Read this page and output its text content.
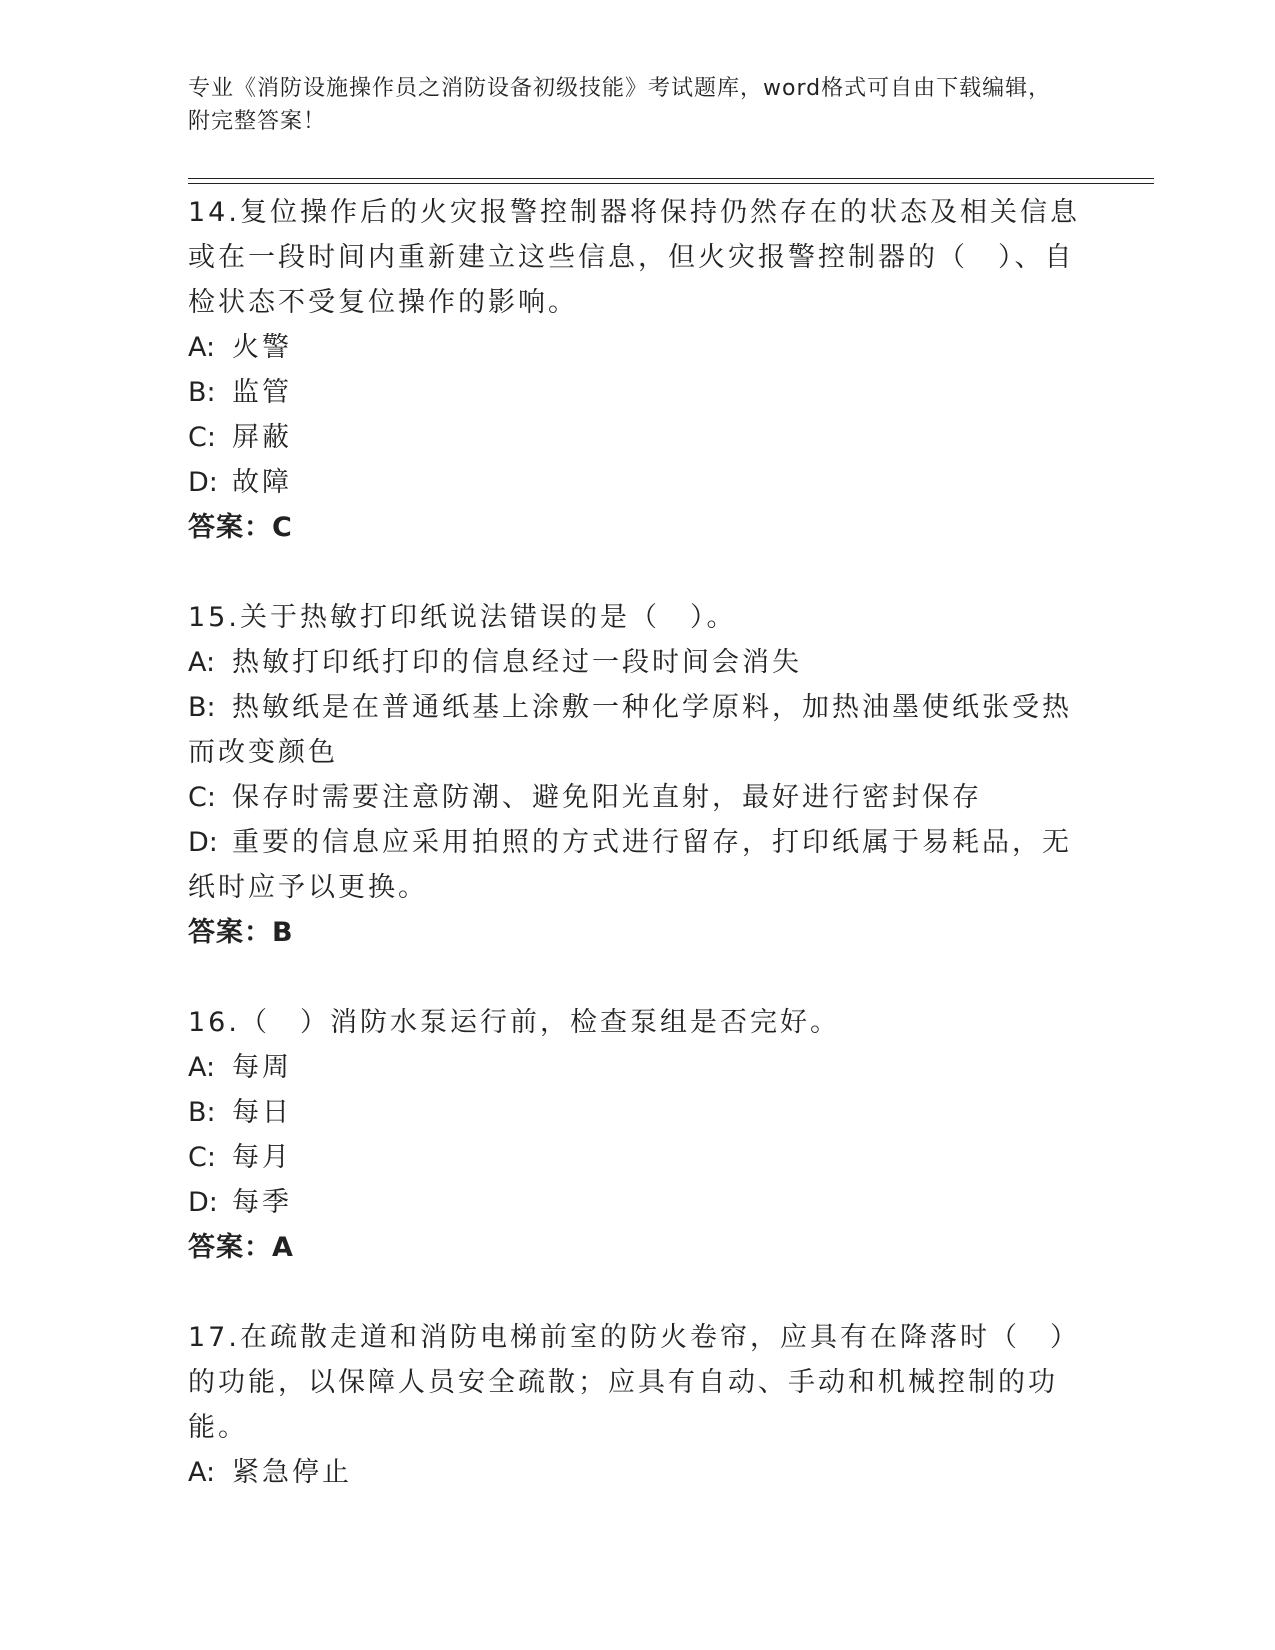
专业《消防设施操作员之消防设备初级技能》考试题库，word格式可自由下载编辑，附完整答案！
14.复位操作后的火灾报警控制器将保持仍然存在的状态及相关信息或在一段时间内重新建立这些信息，但火灾报警控制器的（　）、自检状态不受复位操作的影响。
A: 火警
B: 监管
C: 屏蔽
D: 故障
答案：C
15.关于热敏打印纸说法错误的是（　）。
A: 热敏打印纸打印的信息经过一段时间会消失
B: 热敏纸是在普通纸基上涂敷一种化学原料，加热油墨使纸张受热而改变颜色
C: 保存时需要注意防潮、避免阳光直射，最好进行密封保存
D: 重要的信息应采用拍照的方式进行留存，打印纸属于易耗品，无纸时应予以更换。
答案：B
16.（　）消防水泵运行前，检查泵组是否完好。
A: 每周
B: 每日
C: 每月
D: 每季
答案：A
17.在疏散走道和消防电梯前室的防火卷帘，应具有在降落时（　）的功能，以保障人员安全疏散；应具有自动、手动和机械控制的功能。
A: 紧急停止
